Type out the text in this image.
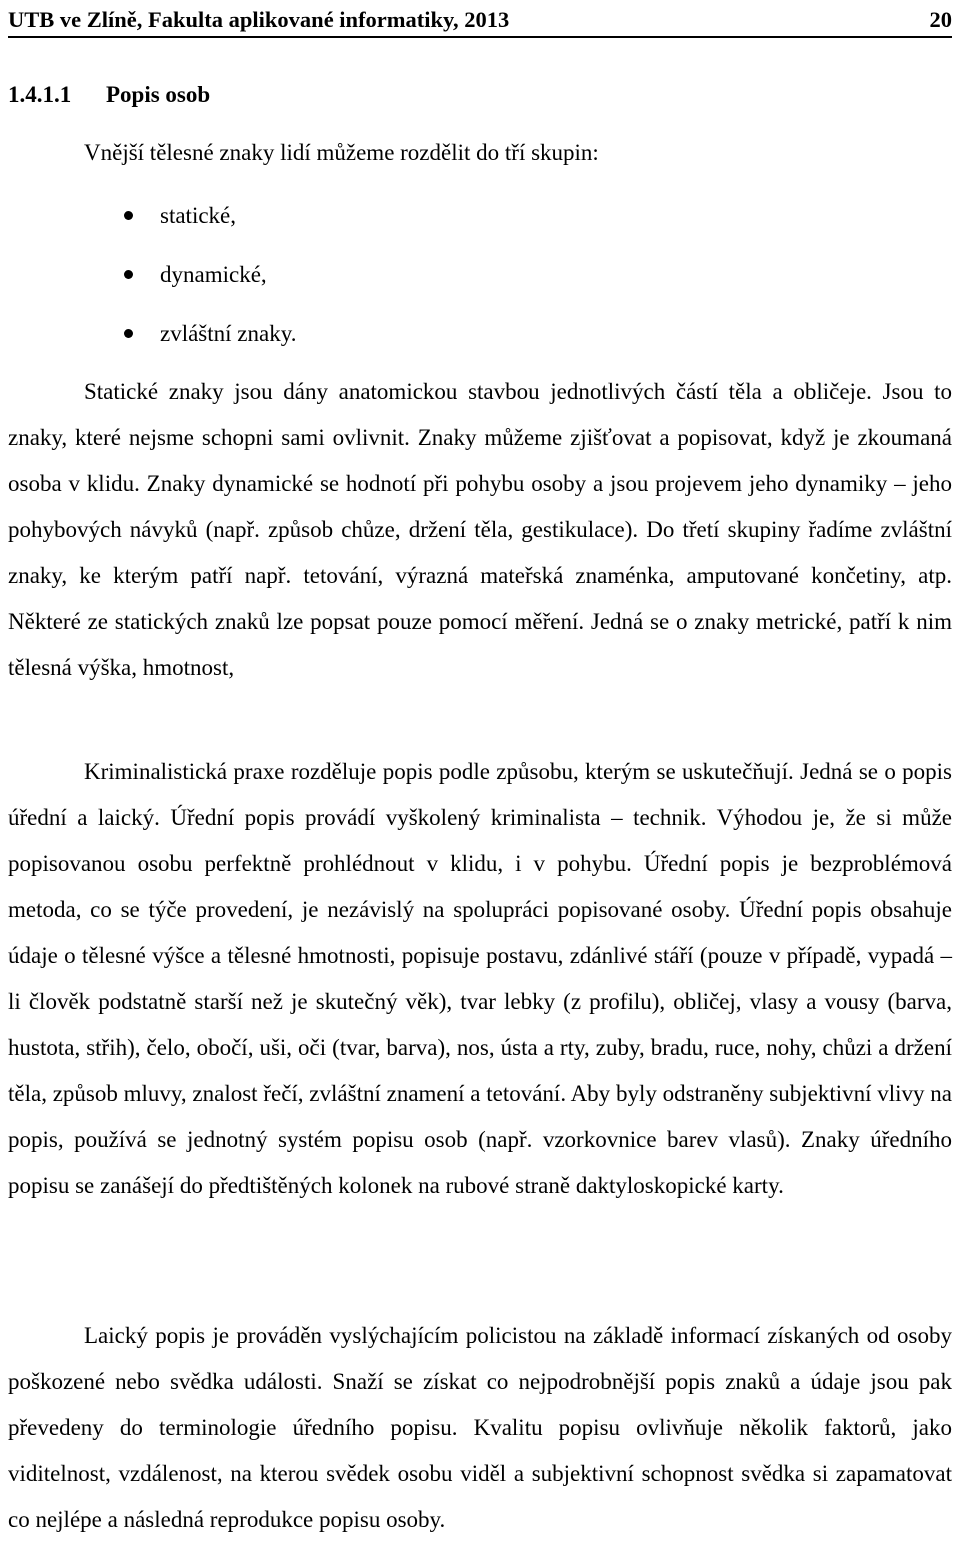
UTB ve Zlíně, Fakulta aplikované informatiky, 2013	20
1.4.1.1 Popis osob
Vnější tělesné znaky lidí můžeme rozdělit do tří skupin:
statické,
dynamické,
zvláštní znaky.

Statické znaky jsou dány anatomickou stavbou jednotlivých částí těla a obličeje. Jsou to znaky, které nejsme schopni sami ovlivnit. Znaky můžeme zjišťovat a popisovat, když je zkoumaná osoba v klidu. Znaky dynamické se hodnotí při pohybu osoby a jsou projevem jeho dynamiky – jeho pohybových návyků (např. způsob chůze, držení těla, gestikulace). Do třetí skupiny řadíme zvláštní znaky, ke kterým patří např. tetování, výrazná mateřská znaménka, amputované končetiny, atp. Některé ze statických znaků lze popsat pouze pomocí měření. Jedná se o znaky metrické, patří k nim tělesná výška, hmotnost,

Kriminalistická praxe rozděluje popis podle způsobu, kterým se uskutečňují. Jedná se o popis úřední a laický. Úřední popis provádí vyškolený kriminalista – technik. Výhodou je, že si může popisovanou osobu perfektně prohlédnout v klidu, i v pohybu. Úřední popis je bezproblémová metoda, co se týče provedení, je nezávislý na spolupráci popisované osoby. Úřední popis obsahuje údaje o tělesné výšce a tělesné hmotnosti, popisuje postavu, zdánlivé stáří (pouze v případě, vypadá – li člověk podstatně starší než je skutečný věk), tvar lebky (z profilu), obličej, vlasy a vousy (barva, hustota, střih), čelo, obočí, uši, oči (tvar, barva), nos, ústa a rty, zuby, bradu, ruce, nohy, chůzi a držení těla, způsob mluvy, znalost řečí, zvláštní znamení a tetování. Aby byly odstraněny subjektivní vlivy na popis, používá se jednotný systém popisu osob (např. vzorkovnice barev vlasů). Znaky úředního popisu se zanášejí do předtištěných kolonek na rubové straně daktyloskopické karty.

Laický popis je prováděn vyslýchajícím policistou na základě informací získaných od osoby poškozené nebo svědka události. Snaží se získat co nejpodrobnější popis znaků a údaje jsou pak převedeny do terminologie úředního popisu. Kvalitu popisu ovlivňuje několik faktorů, jako viditelnost, vzdálenost, na kterou svědek osobu viděl a subjektivní schopnost svědka si zapamatovat co nejlépe a následná reprodukce popisu osoby.
